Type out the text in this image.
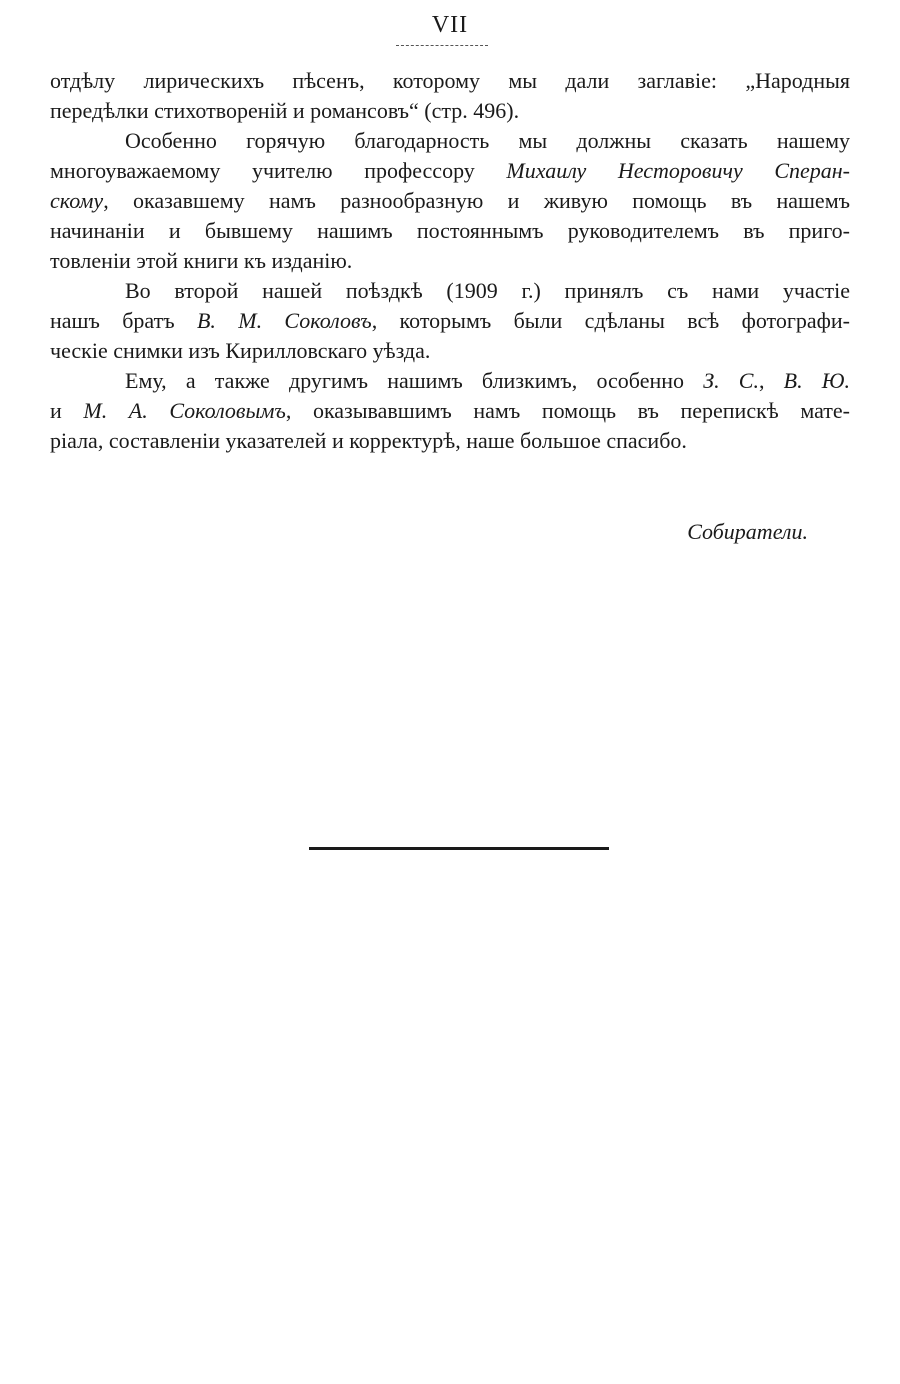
VII
отдѣлу лирическихъ пѣсенъ, которому мы дали заглавіе: „Народныя
передѣлки стихотвореній и романсовъ“ (стр. 496).
Особенно горячую благодарность мы должны сказать нашему
многоуважаемому учителю профессору Михаилу Несторовичу Сперан-
скому, оказавшему намъ разнообразную и живую помощь въ нашемъ
начинаніи и бывшему нашимъ постояннымъ руководителемъ въ приго-
товленіи этой книги къ изданію.
Во второй нашей поѣздкѣ (1909 г.) принялъ съ нами участіе
нашъ братъ В. М. Соколовъ, которымъ были сдѣланы всѣ фотографи-
ческіе снимки изъ Кирилловскаго уѣзда.
Ему, а также другимъ нашимъ близкимъ, особенно З. С., В. Ю.
и М. А. Соколовымъ, оказывавшимъ намъ помощь въ перепискѣ мате-
ріала, составленіи указателей и корректурѣ, наше большое спасибо.
Собиратели.
